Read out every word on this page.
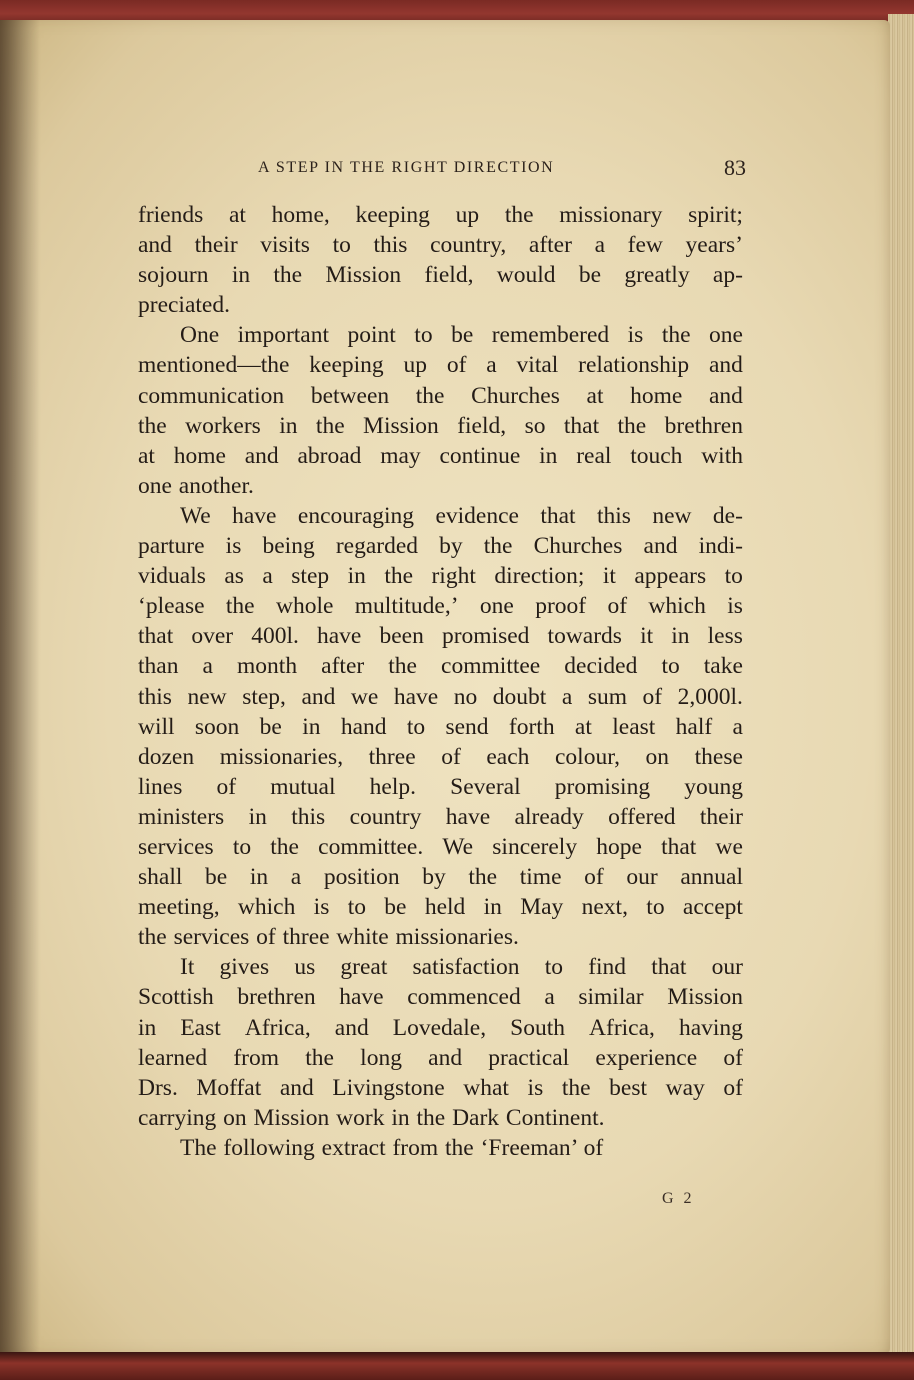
A STEP IN THE RIGHT DIRECTION	83
friends at home, keeping up the missionary spirit;
and their visits to this country, after a few years’
sojourn in the Mission field, would be greatly ap-
preciated.
One important point to be remembered is the one
mentioned—the keeping up of a vital relationship and
communication between the Churches at home and
the workers in the Mission field, so that the brethren
at home and abroad may continue in real touch with
one another.
We have encouraging evidence that this new de-
parture is being regarded by the Churches and indi-
viduals as a step in the right direction; it appears to
‘please the whole multitude,’ one proof of which is
that over 400l. have been promised towards it in less
than a month after the committee decided to take
this new step, and we have no doubt a sum of 2,000l.
will soon be in hand to send forth at least half a
dozen missionaries, three of each colour, on these
lines of mutual help. Several promising young
ministers in this country have already offered their
services to the committee. We sincerely hope that we
shall be in a position by the time of our annual
meeting, which is to be held in May next, to accept
the services of three white missionaries.
It gives us great satisfaction to find that our
Scottish brethren have commenced a similar Mission
in East Africa, and Lovedale, South Africa, having
learned from the long and practical experience of
Drs. Moffat and Livingstone what is the best way of
carrying on Mission work in the Dark Continent.
The following extract from the ‘Freeman’ of
G 2
